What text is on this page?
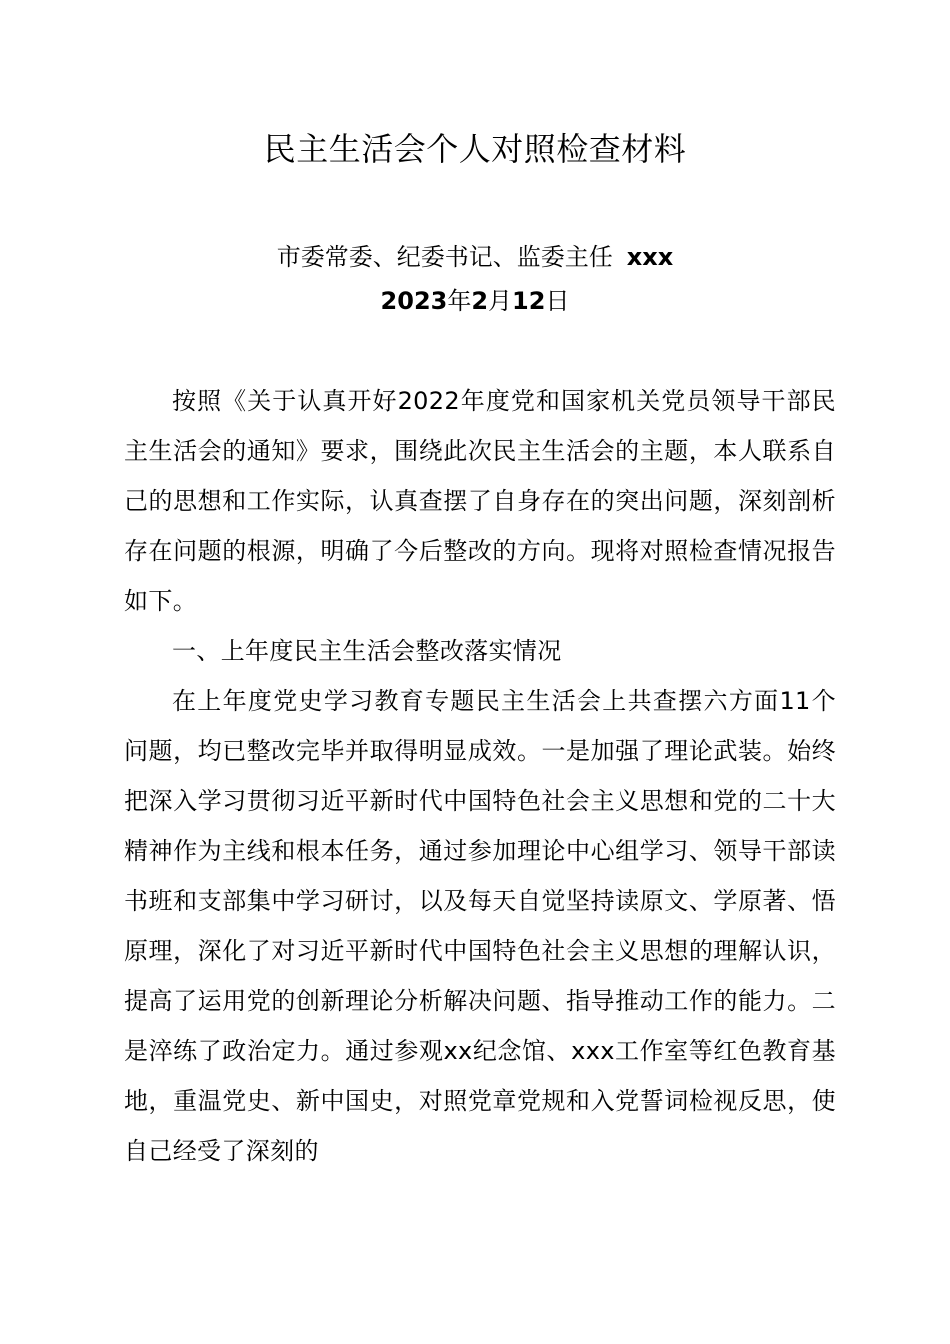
民主生活会个人对照检查材料
市委常委、纪委书记、监委主任 xxx
2023年2月12日

按照《关于认真开好2022年度党和国家机关党员领导干部民主生活会的通知》要求，围绕此次民主生活会的主题，本人联系自己的思想和工作实际，认真查摆了自身存在的突出问题，深刻剖析存在问题的根源，明确了今后整改的方向。现将对照检查情况报告如下。

一、上年度民主生活会整改落实情况

在上年度党史学习教育专题民主生活会上共查摆六方面11个问题，均已整改完毕并取得明显成效。一是加强了理论武装。始终把深入学习贯彻习近平新时代中国特色社会主义思想和党的二十大精神作为主线和根本任务，通过参加理论中心组学习、领导干部读书班和支部集中学习研讨，以及每天自觉坚持读原文、学原著、悟原理，深化了对习近平新时代中国特色社会主义思想的理解认识，提高了运用党的创新理论分析解决问题、指导推动工作的能力。二是淬练了政治定力。通过参观xx纪念馆、xxx工作室等红色教育基地，重温党史、新中国史，对照党章党规和入党誓词检视反思，使自己经受了深刻的
